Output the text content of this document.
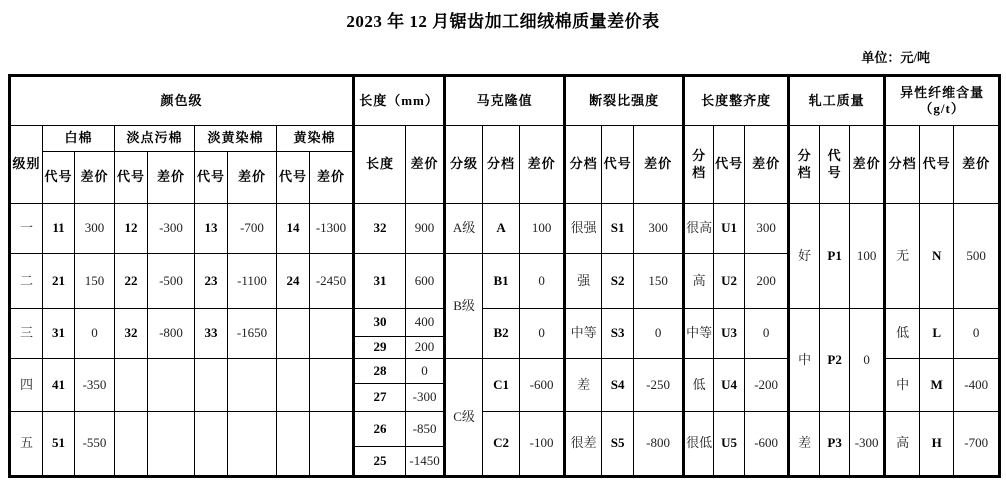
2023 年 12 月锯齿加工细绒棉质量差价表
单位：元/吨
颜色级									长度（mm）		马克隆值			断裂比强度			长度整齐度			轧工质量			异性纤维含量
（g/t）		

级别	白棉		淡点污棉		淡黄染棉		黄染棉		长度	差价	分级	分档	差价	分档	代号	差价	分档	代号	差价	分档	代号	差价	分档	代号	差价
	代号	差价	代号	差价	代号	差价	代号	差价																	
一	11	300	12	-300	13	-700	14	-1300	32	900	A级	A	100	很强	S1	300	很高	U1	300	好	P1	100	无	N	500
二	21	150	22	-500	23	-1100	24	-2450	31	600	B级	B1	0	强	S2	150	高	U2	200						
三	31	0	32	-800	33	-1650			30	400		B2	0	中等	S3	0	中等	U3	0	中	P2	0	低	L	0
									29	200															
四	41	-350							28	0	C级	C1	-600	差	S4	-250	低	U4	-200				中	M	-400
									27	-300															
五	51	-550							26	-850		C2	-100	很差	S5	-800	很低	U5	-600	差	P3	-300	高	H	-700
									25	-1450															
